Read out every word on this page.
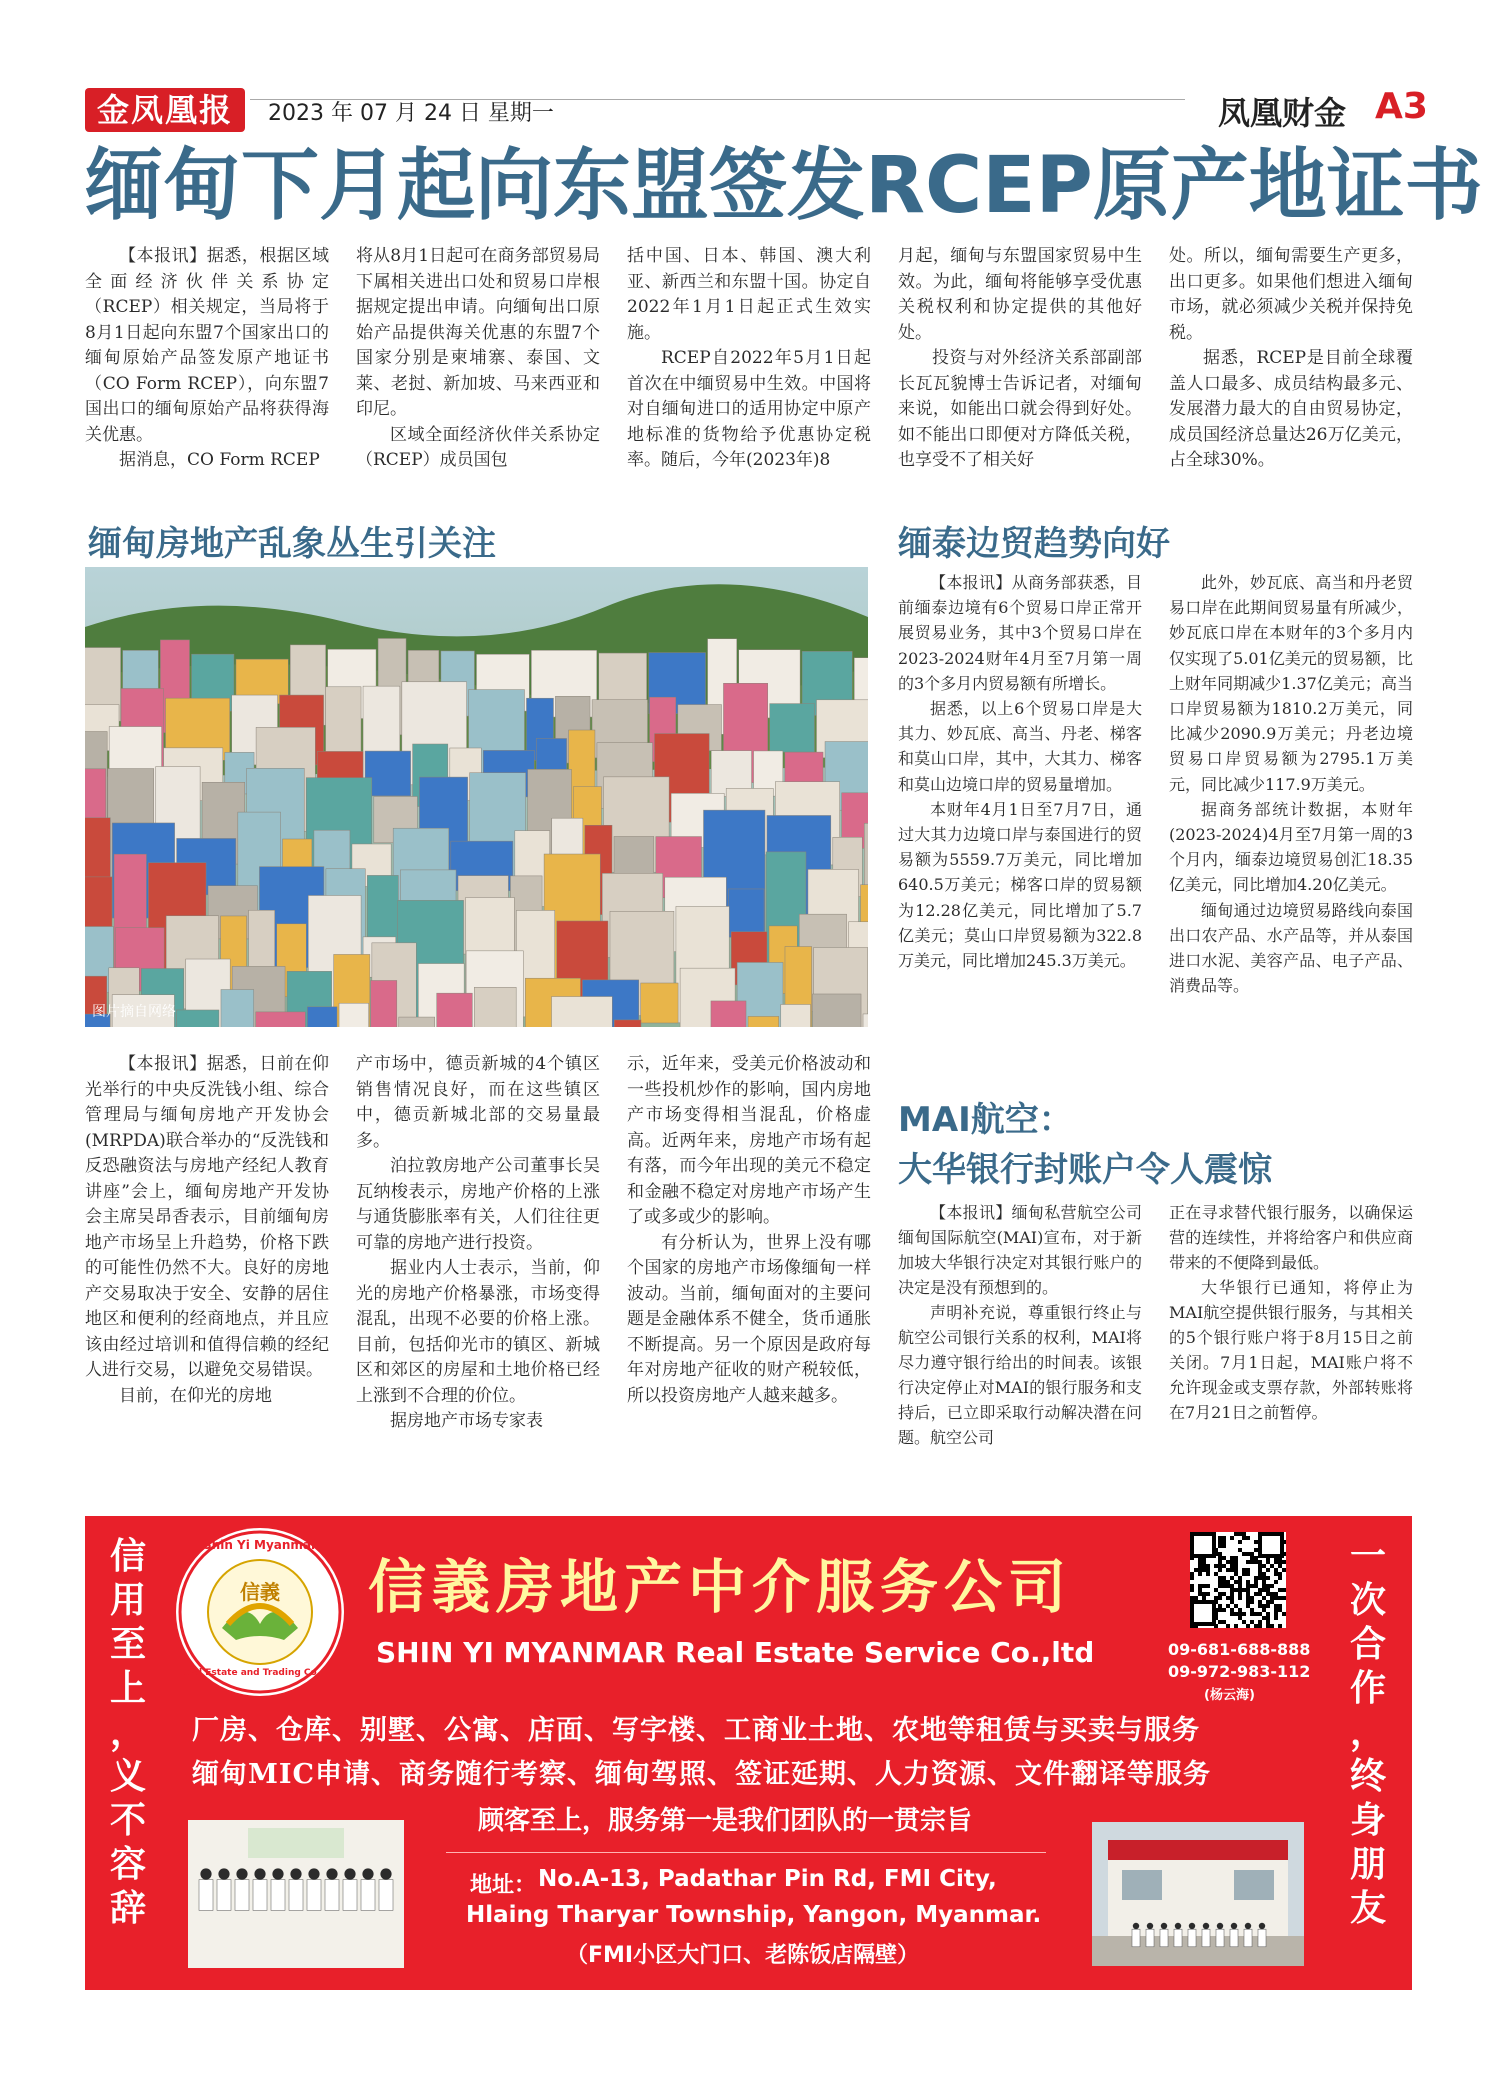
金凤凰报	2023 年 07 月 24 日 星期一	凤凰财金 A3
缅甸下月起向东盟签发RCEP原产地证书

【本报讯】据悉，根据区域全面经济伙伴关系协定（RCEP）相关规定，当局将于8月1日起向东盟7个国家出口的缅甸原始产品签发原产地证书（CO Form RCEP），向东盟7国出口的缅甸原始产品将获得海关优惠。

据消息，CO Form RCEP

将从8月1日起可在商务部贸易局下属相关进出口处和贸易口岸根据规定提出申请。向缅甸出口原始产品提供海关优惠的东盟7个国家分别是柬埔寨、泰国、文莱、老挝、新加坡、马来西亚和印尼。

区域全面经济伙伴关系协定（RCEP）成员国包

括中国、日本、韩国、澳大利亚、新西兰和东盟十国。协定自2022年1月1日起正式生效实施。

RCEP自2022年5月1日起首次在中缅贸易中生效。中国将对自缅甸进口的适用协定中原产地标准的货物给予优惠协定税率。随后，今年(2023年)8

月起，缅甸与东盟国家贸易中生效。为此，缅甸将能够享受优惠关税权利和协定提供的其他好处。

投资与对外经济关系部副部长瓦瓦貌博士告诉记者，对缅甸来说，如能出口就会得到好处。如不能出口即便对方降低关税，也享受不了相关好

处。所以，缅甸需要生产更多，出口更多。如果他们想进入缅甸市场，就必须减少关税并保持免税。

据悉，RCEP是目前全球覆盖人口最多、成员结构最多元、发展潜力最大的自由贸易协定，成员国经济总量达26万亿美元，占全球30%。

缅甸房地产乱象丛生引关注
图片摘自网络

【本报讯】据悉，日前在仰光举行的中央反洗钱小组、综合管理局与缅甸房地产开发协会(MRPDA)联合举办的“反洗钱和反恐融资法与房地产经纪人教育讲座”会上，缅甸房地产开发协会主席吴昂香表示，目前缅甸房地产市场呈上升趋势，价格下跌的可能性仍然不大。良好的房地产交易取决于安全、安静的居住地区和便利的经商地点，并且应该由经过培训和值得信赖的经纪人进行交易，以避免交易错误。

目前，在仰光的房地

产市场中，德贡新城的4个镇区销售情况良好，而在这些镇区中，德贡新城北部的交易量最多。

泊拉敦房地产公司董事长吴瓦纳梭表示，房地产价格的上涨与通货膨胀率有关，人们往往更可靠的房地产进行投资。

据业内人士表示，当前，仰光的房地产价格暴涨，市场变得混乱，出现不必要的价格上涨。目前，包括仰光市的镇区、新城区和郊区的房屋和土地价格已经上涨到不合理的价位。

据房地产市场专家表

示，近年来，受美元价格波动和一些投机炒作的影响，国内房地产市场变得相当混乱，价格虚高。近两年来，房地产市场有起有落，而今年出现的美元不稳定和金融不稳定对房地产市场产生了或多或少的影响。

有分析认为，世界上没有哪个国家的房地产市场像缅甸一样波动。当前，缅甸面对的主要问题是金融体系不健全，货币通胀不断提高。另一个原因是政府每年对房地产征收的财产税较低，所以投资房地产人越来越多。

缅泰边贸趋势向好

【本报讯】从商务部获悉，目前缅泰边境有6个贸易口岸正常开展贸易业务，其中3个贸易口岸在2023-2024财年4月至7月第一周的3个多月内贸易额有所增长。

据悉，以上6个贸易口岸是大其力、妙瓦底、高当、丹老、梯客和莫山口岸，其中，大其力、梯客和莫山边境口岸的贸易量增加。

本财年4月1日至7月7日，通过大其力边境口岸与泰国进行的贸易额为5559.7万美元，同比增加640.5万美元；梯客口岸的贸易额为12.28亿美元，同比增加了5.7亿美元；莫山口岸贸易额为322.8万美元，同比增加245.3万美元。

此外，妙瓦底、高当和丹老贸易口岸在此期间贸易量有所减少，妙瓦底口岸在本财年的3个多月内仅实现了5.01亿美元的贸易额，比上财年同期减少1.37亿美元；高当口岸贸易额为1810.2万美元，同比减少2090.9万美元；丹老边境贸易口岸贸易额为2795.1万美元，同比减少117.9万美元。

据商务部统计数据，本财年(2023-2024)4月至7月第一周的3个月内，缅泰边境贸易创汇18.35亿美元，同比增加4.20亿美元。

缅甸通过边境贸易路线向泰国出口农产品、水产品等，并从泰国进口水泥、美容产品、电子产品、消费品等。

MAI航空：
大华银行封账户令人震惊

【本报讯】缅甸私营航空公司缅甸国际航空(MAI)宣布，对于新加坡大华银行决定对其银行账户的决定是没有预想到的。

声明补充说，尊重银行终止与航空公司银行关系的权利，MAI将尽力遵守银行给出的时间表。该银行决定停止对MAI的银行服务和支持后，已立即采取行动解决潜在问题。航空公司

正在寻求替代银行服务，以确保运营的连续性，并将给客户和供应商带来的不便降到最低。

大华银行已通知，将停止为MAI航空提供银行服务，与其相关的5个银行账户将于8月15日之前关闭。7月1日起，MAI账户将不允许现金或支票存款，外部转账将在7月21日之前暂停。

信
用
至
上
，
义
不
容
辞
一
次
合
作
，
终
身
朋
友
Shin Yi Myanmar
信義
Real Estate and Trading Co.,Ltd
信義房地产中介服务公司
SHIN YI MYANMAR Real Estate Service Co.,ltd	09-681-688-888
09-972-983-112
(杨云海)
厂房、仓库、别墅、公寓、店面、写字楼、工商业土地、农地等租赁与买卖与服务
缅甸MIC申请、商务随行考察、缅甸驾照、签证延期、人力资源、文件翻译等服务
顾客至上，服务第一是我们团队的一贯宗旨
地址： No.A-13, Padathar Pin Rd, FMI City,
Hlaing Tharyar Township, Yangon, Myanmar.
（FMI小区大门口、老陈饭店隔壁）
